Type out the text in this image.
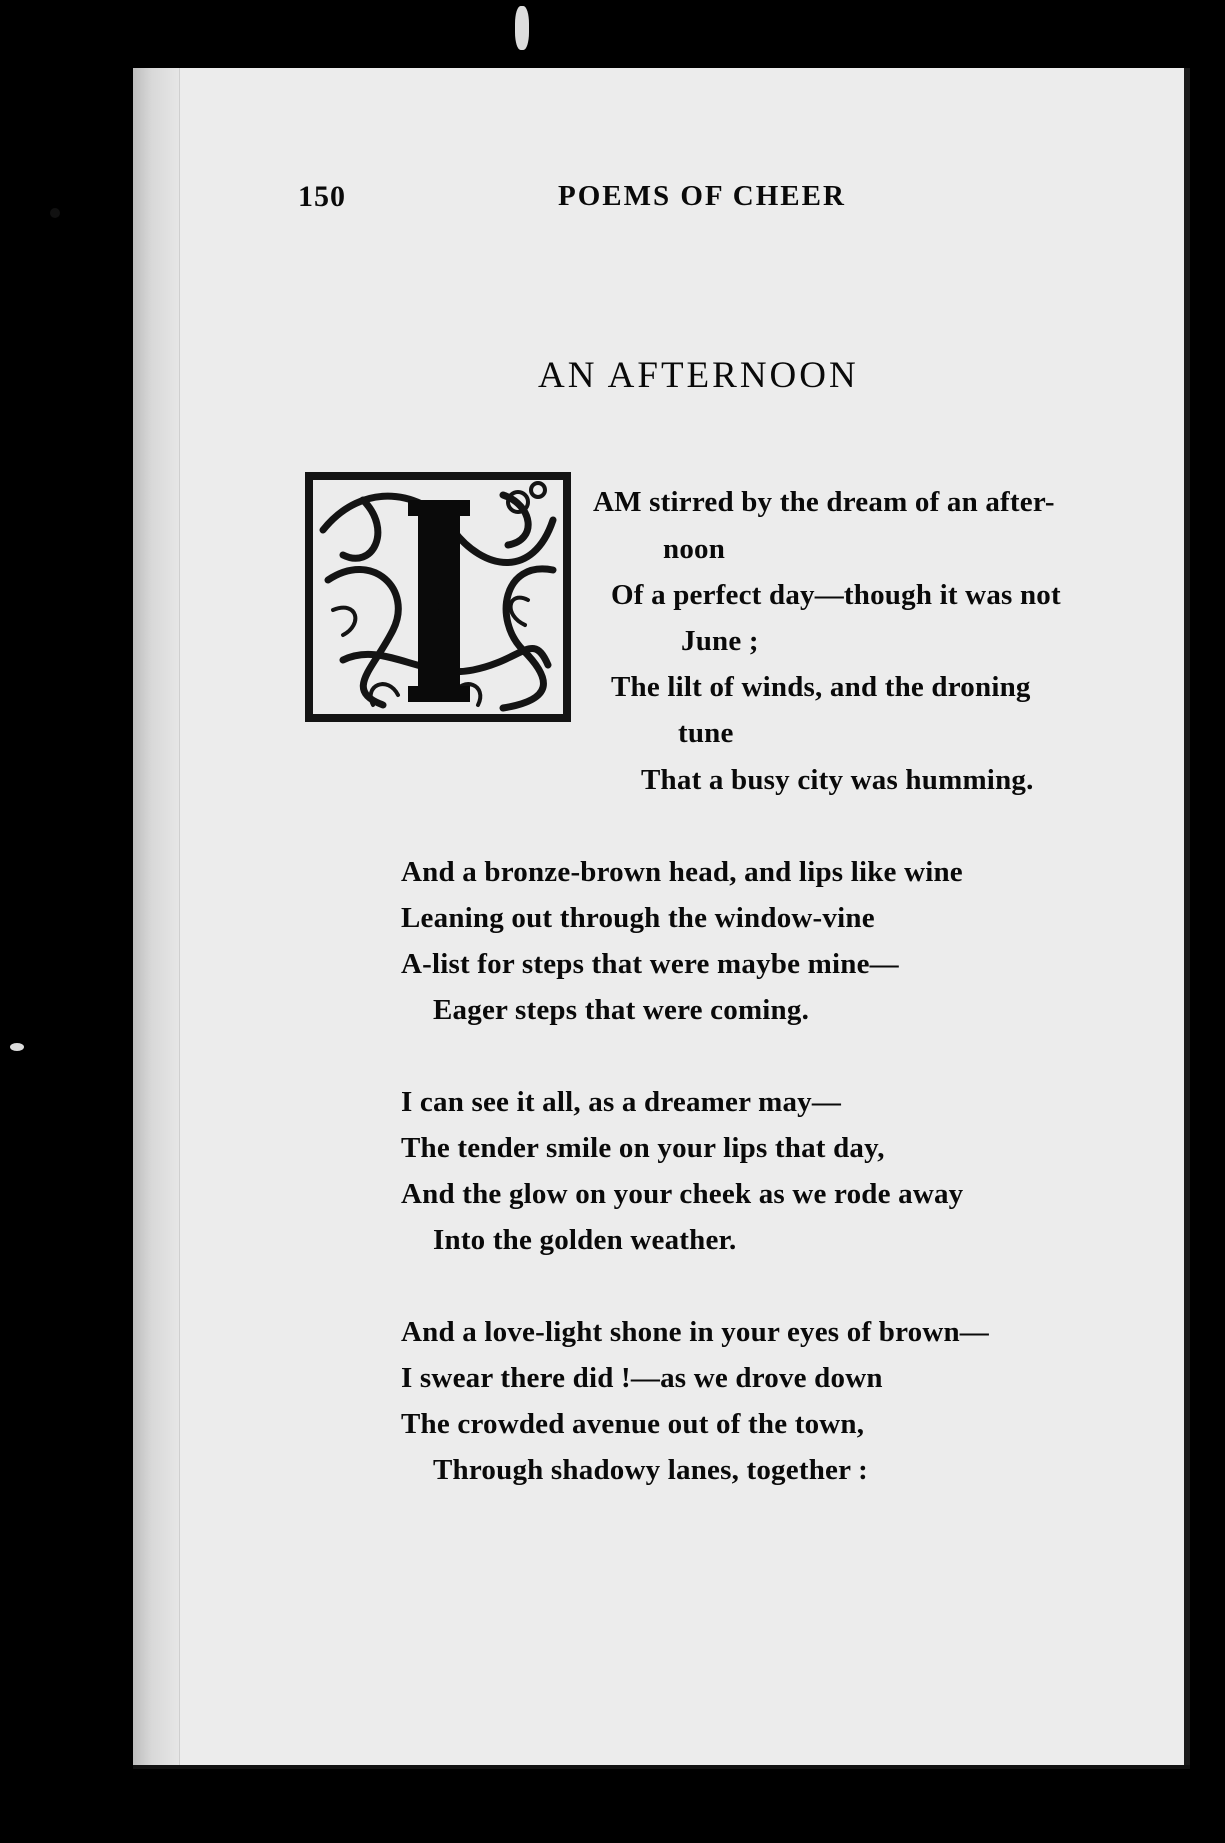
150	POEMS OF CHEER
AN AFTERNOON
I
AM stirred by the dream of an after-
noon
Of a perfect day—though it was not
June ;
The lilt of winds, and the droning
tune
That a busy city was humming.
And a bronze-brown head, and lips like wine
Leaning out through the window-vine
A-list for steps that were maybe mine—
Eager steps that were coming.
I can see it all, as a dreamer may—
The tender smile on your lips that day,
And the glow on your cheek as we rode away
Into the golden weather.
And a love-light shone in your eyes of brown—
I swear there did !—as we drove down
The crowded avenue out of the town,
Through shadowy lanes, together :
